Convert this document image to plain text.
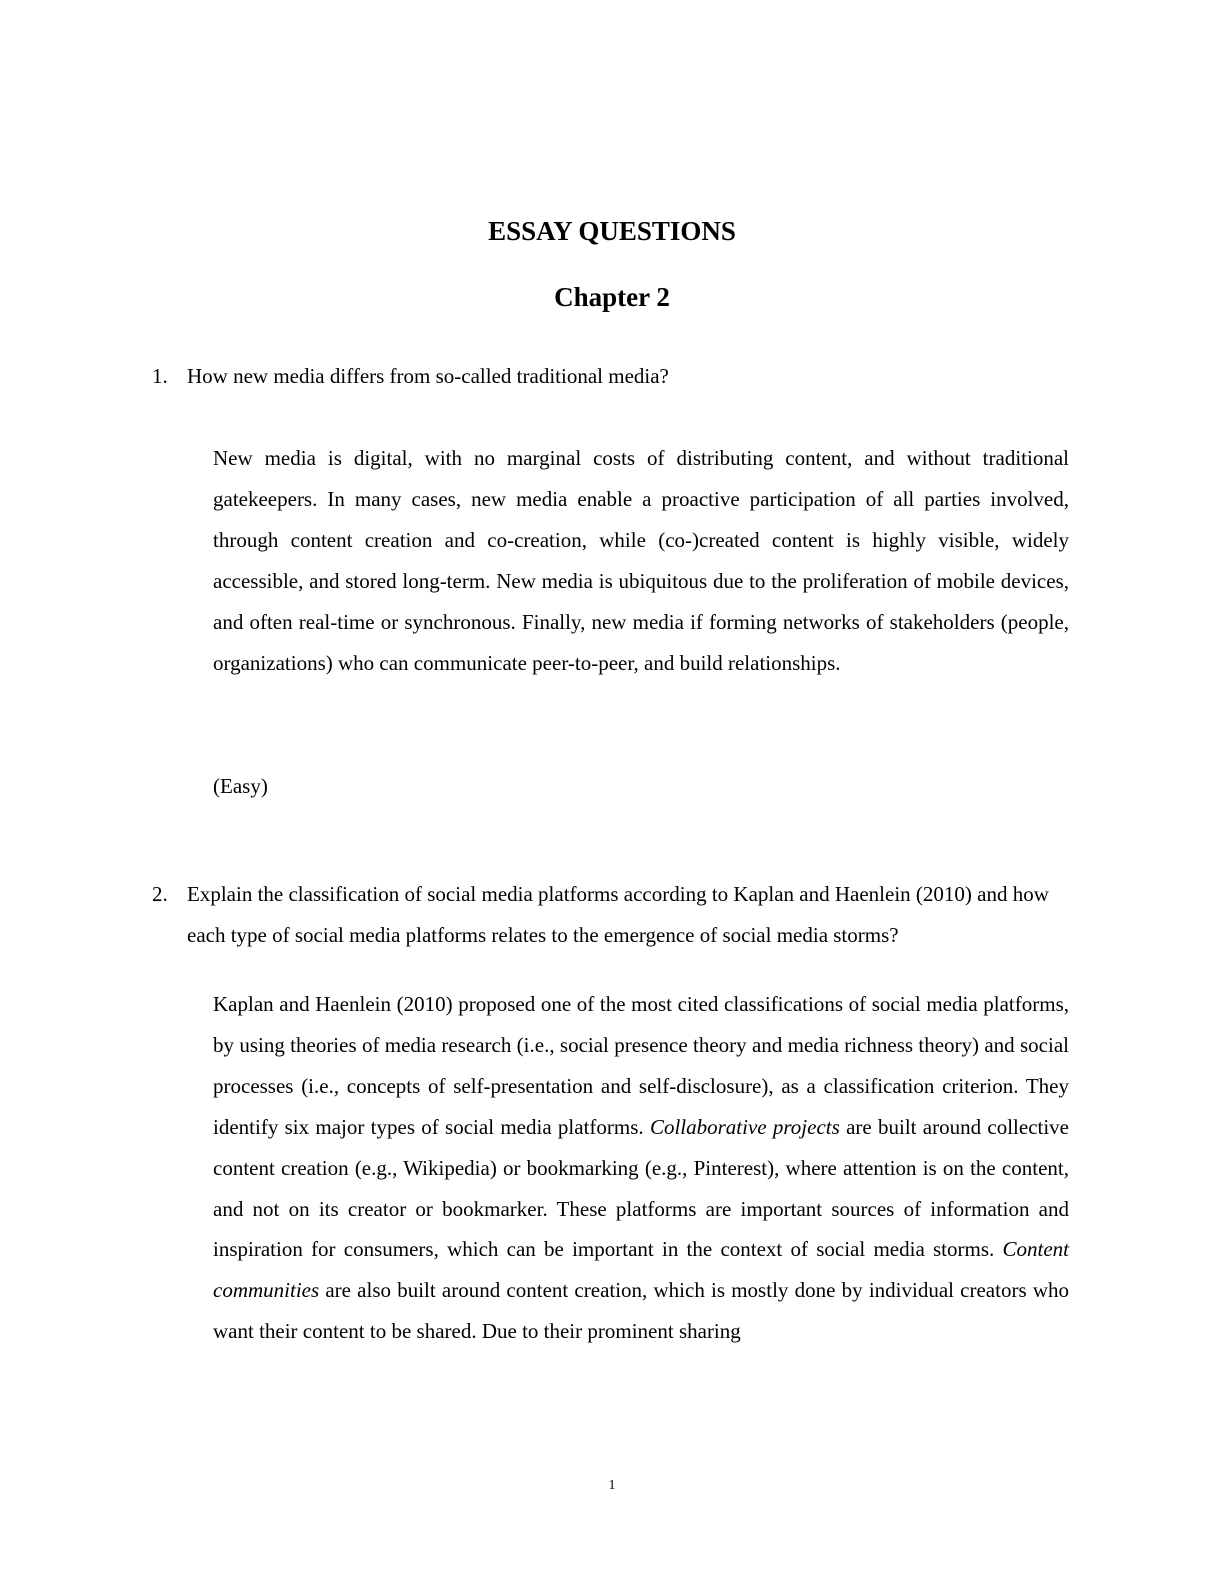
ESSAY QUESTIONS
Chapter 2

1. How new media differs from so-called traditional media?

New media is digital, with no marginal costs of distributing content, and without traditional gatekeepers. In many cases, new media enable a proactive participation of all parties involved, through content creation and co-creation, while (co-)created content is highly visible, widely accessible, and stored long-term. New media is ubiquitous due to the proliferation of mobile devices, and often real-time or synchronous. Finally, new media if forming networks of stakeholders (people, organizations) who can communicate peer-to-peer, and build relationships.

(Easy)

2. Explain the classification of social media platforms according to Kaplan and Haenlein (2010) and how each type of social media platforms relates to the emergence of social media storms?

Kaplan and Haenlein (2010) proposed one of the most cited classifications of social media platforms, by using theories of media research (i.e., social presence theory and media richness theory) and social processes (i.e., concepts of self-presentation and self-disclosure), as a classification criterion. They identify six major types of social media platforms. Collaborative projects are built around collective content creation (e.g., Wikipedia) or bookmarking (e.g., Pinterest), where attention is on the content, and not on its creator or bookmarker. These platforms are important sources of information and inspiration for consumers, which can be important in the context of social media storms. Content communities are also built around content creation, which is mostly done by individual creators who want their content to be shared. Due to their prominent sharing

1
